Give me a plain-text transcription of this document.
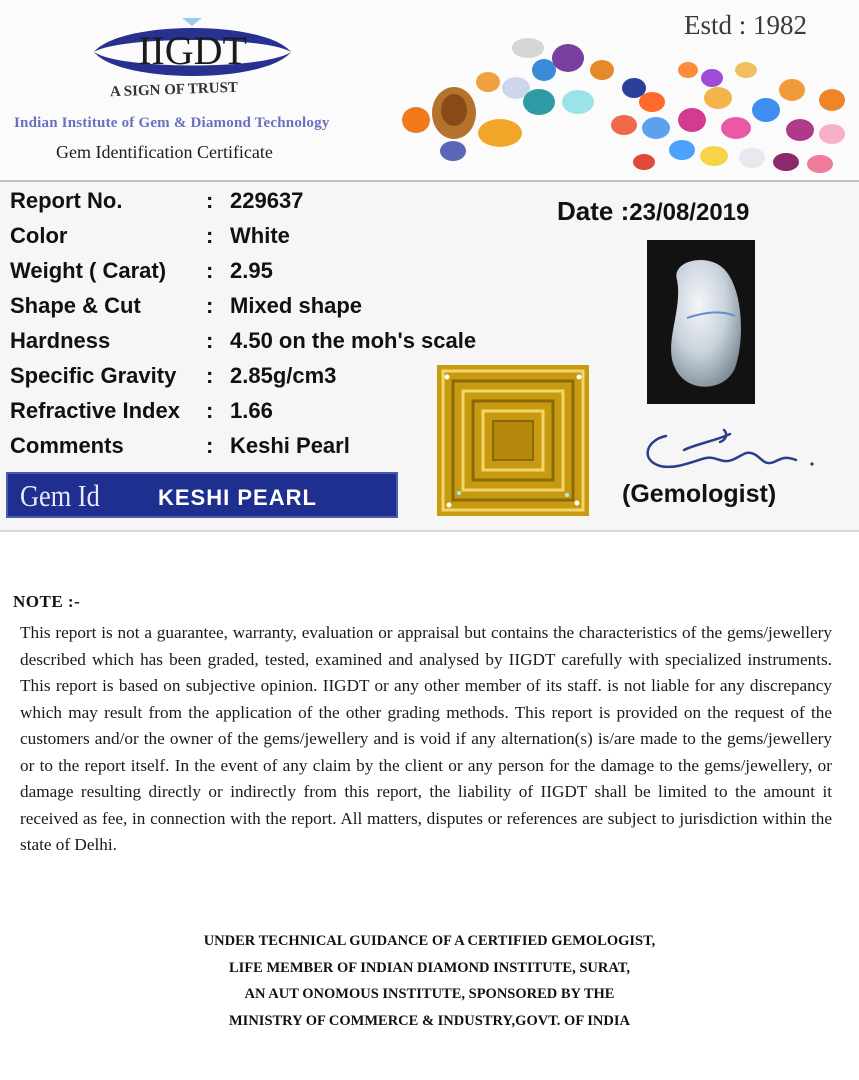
IIGDT
A SIGN OF TRUST
Indian Institute of Gem & Diamond Technology
Gem Identification Certificate
Estd : 1982
Report No.	: 229637
Color	: White
Weight ( Carat) : 2.95
Shape & Cut	: Mixed shape
Hardness	: 4.50 on the moh's scale
Specific Gravity : 2.85g/cm3
Refractive Index : 1.66
Comments	: Keshi Pearl
Date :23/08/2019
(Gemologist)
Gem Id	KESHI PEARL
NOTE :-
This report is not a guarantee, warranty, evaluation or appraisal but contains the characteristics of the gems/jewellery described which has been graded, tested, examined and analysed by IIGDT carefully with specialized instruments. This report is based on subjective opinion. IIGDT or any other member of its staff. is not liable for any discrepancy which may result from the application of the other grading methods. This report is provided on the request of the customers and/or the owner of the gems/jewellery and is void if any alternation(s) is/are made to the gems/jewellery or to the report itself. In the event of any claim by the client or any person for the damage to the gems/jewellery, or damage resulting directly or indirectly from this report, the liability of IIGDT shall be limited to the amount it received as fee, in connection with the report. All matters, disputes or references are subject to jurisdiction within the state of Delhi.
UNDER TECHNICAL GUIDANCE OF A CERTIFIED GEMOLOGIST,
LIFE MEMBER OF INDIAN DIAMOND INSTITUTE, SURAT,
AN AUT ONOMOUS INSTITUTE, SPONSORED BY THE
MINISTRY OF COMMERCE & INDUSTRY,GOVT. OF INDIA
